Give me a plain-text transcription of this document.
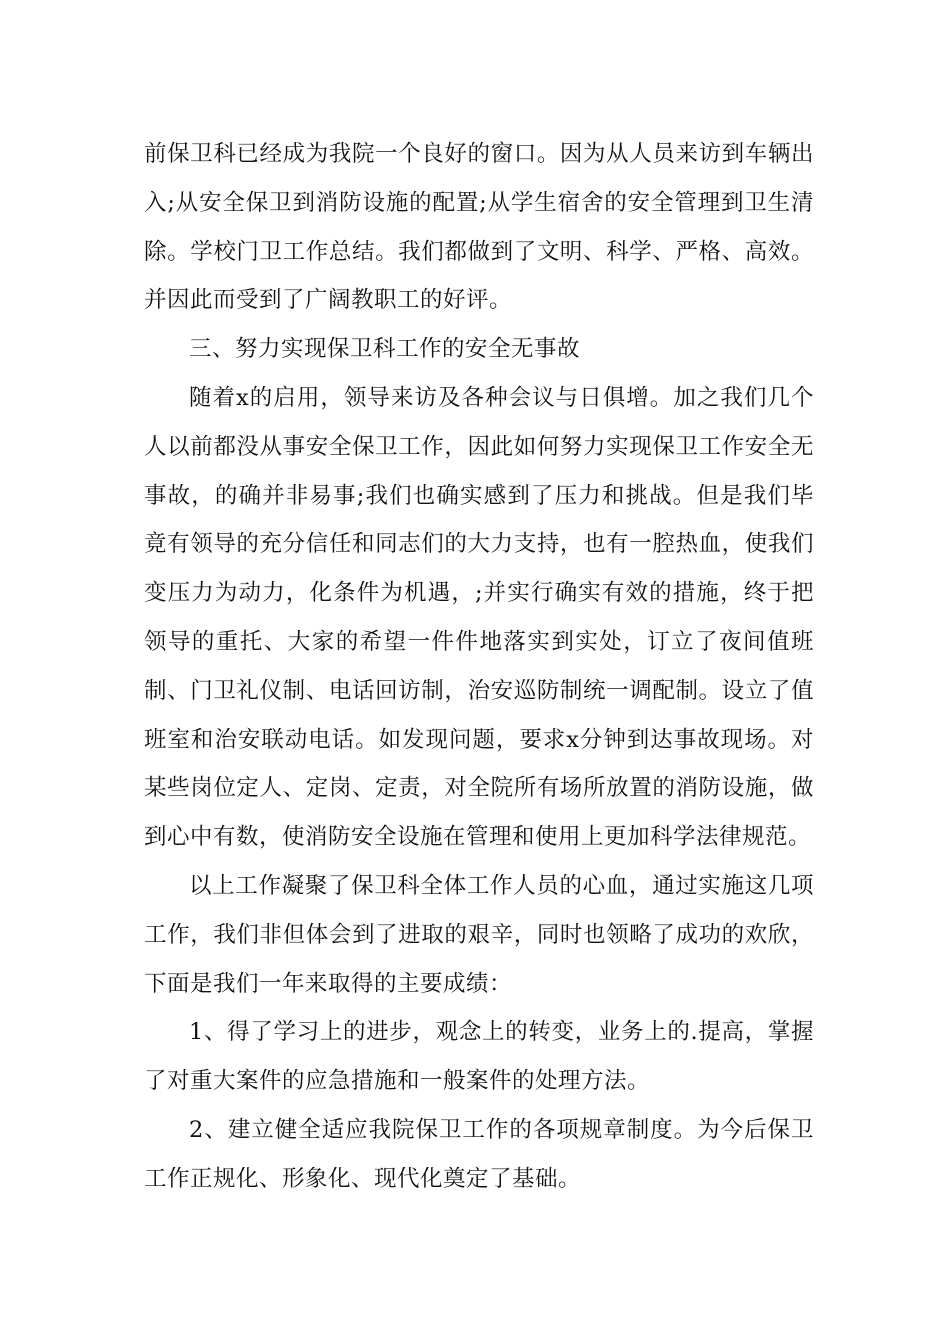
前保卫科已经成为我院一个良好的窗口。因为从人员来访到车辆出入;从安全保卫到消防设施的配置;从学生宿舍的安全管理到卫生清除。学校门卫工作总结。我们都做到了文明、科学、严格、高效。并因此而受到了广阔教职工的好评。

三、努力实现保卫科工作的安全无事故

随着x的启用，领导来访及各种会议与日俱增。加之我们几个人以前都没从事安全保卫工作，因此如何努力实现保卫工作安全无事故，的确并非易事;我们也确实感到了压力和挑战。但是我们毕竟有领导的充分信任和同志们的大力支持，也有一腔热血，使我们变压力为动力，化条件为机遇，;并实行确实有效的措施，终于把领导的重托、大家的希望一件件地落实到实处，订立了夜间值班制、门卫礼仪制、电话回访制，治安巡防制统一调配制。设立了值班室和治安联动电话。如发现问题，要求x分钟到达事故现场。对某些岗位定人、定岗、定责，对全院所有场所放置的消防设施，做到心中有数，使消防安全设施在管理和使用上更加科学法律规范。

以上工作凝聚了保卫科全体工作人员的心血，通过实施这几项工作，我们非但体会到了进取的艰辛，同时也领略了成功的欢欣，下面是我们一年来取得的主要成绩：

1、得了学习上的进步，观念上的转变，业务上的.提高，掌握了对重大案件的应急措施和一般案件的处理方法。

2、建立健全适应我院保卫工作的各项规章制度。为今后保卫工作正规化、形象化、现代化奠定了基础。
